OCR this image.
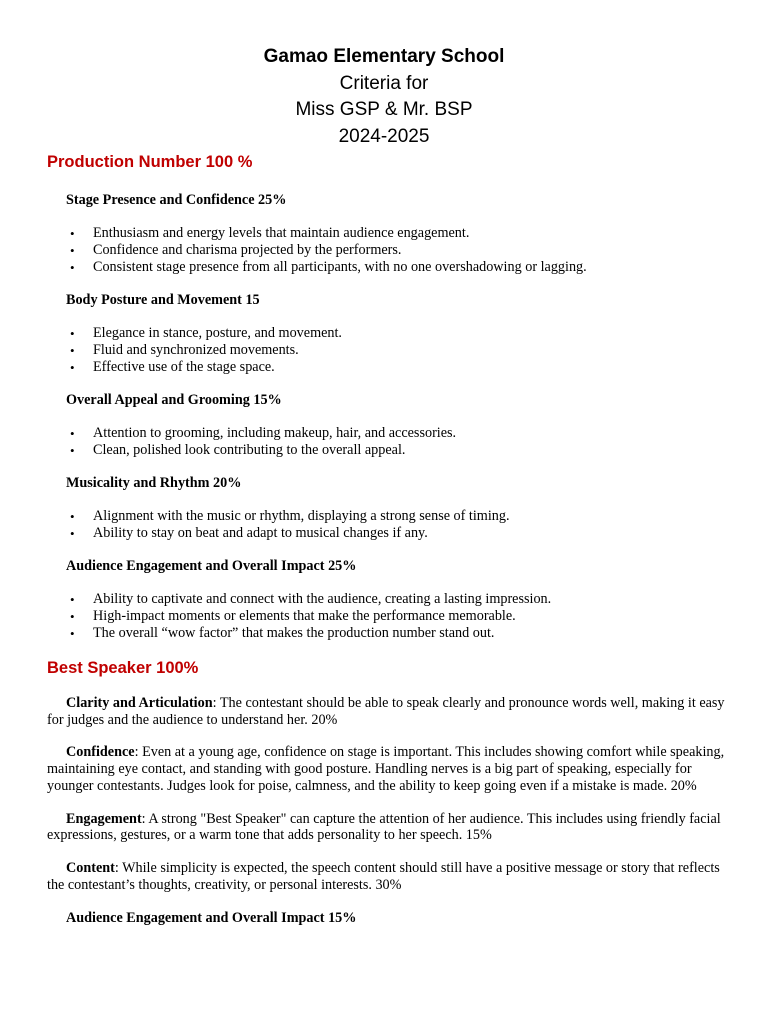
Gamao Elementary School
Criteria for
Miss GSP & Mr. BSP
2024-2025
Production Number 100 %
Stage Presence and Confidence 25%
• Enthusiasm and energy levels that maintain audience engagement.
• Confidence and charisma projected by the performers.
• Consistent stage presence from all participants, with no one overshadowing or lagging.
Body Posture and Movement 15
• Elegance in stance, posture, and movement.
• Fluid and synchronized movements.
• Effective use of the stage space.
Overall Appeal and Grooming 15%
• Attention to grooming, including makeup, hair, and accessories.
• Clean, polished look contributing to the overall appeal.
Musicality and Rhythm 20%
• Alignment with the music or rhythm, displaying a strong sense of timing.
• Ability to stay on beat and adapt to musical changes if any.
Audience Engagement and Overall Impact 25%
• Ability to captivate and connect with the audience, creating a lasting impression.
• High-impact moments or elements that make the performance memorable.
• The overall “wow factor” that makes the production number stand out.
Best Speaker 100%

Clarity and Articulation: The contestant should be able to speak clearly and pronounce words well, making it easy for judges and the audience to understand her. 20%

Confidence: Even at a young age, confidence on stage is important. This includes showing comfort while speaking, maintaining eye contact, and standing with good posture. Handling nerves is a big part of speaking, especially for younger contestants. Judges look for poise, calmness, and the ability to keep going even if a mistake is made. 20%

Engagement: A strong "Best Speaker" can capture the attention of her audience. This includes using friendly facial expressions, gestures, or a warm tone that adds personality to her speech. 15%

Content: While simplicity is expected, the speech content should still have a positive message or story that reflects the contestant’s thoughts, creativity, or personal interests. 30%

Audience Engagement and Overall Impact 15%
